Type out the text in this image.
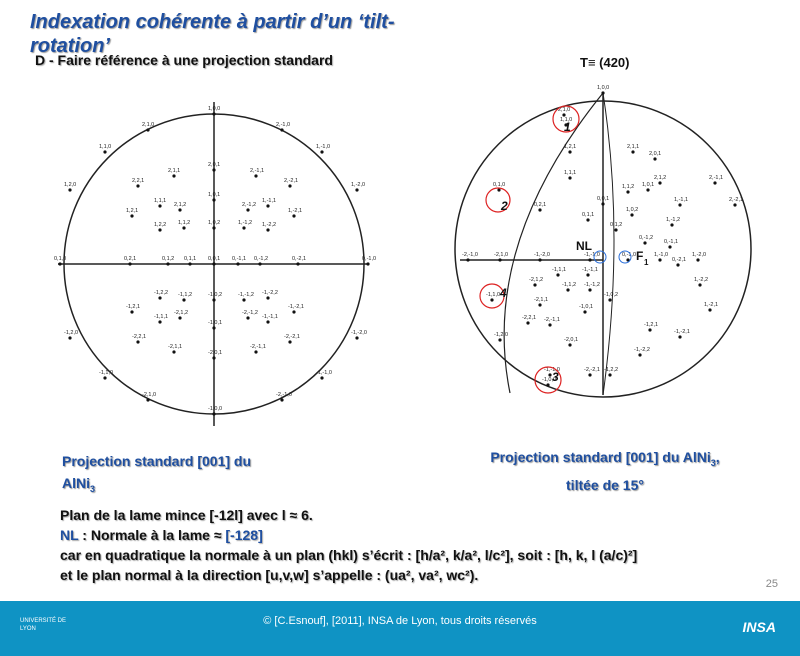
Indexation cohérente à partir d’un ‘tilt-rotation’
D - Faire référence à une projection standard
1,0,0
2,1,0	2,-1,0
1,1,0	1,-1,0
1,2,0	1,-2,0
0,1,0	0,-1,0
0,0,1
-1,2,0	-1,-2,0
-1,1,0	-1,-1,0
-2,1,0	-2,-1,0
-1,0,0
2,0,1
2,1,1	2,-1,1
2,2,1	2,-2,1
1,1,1	1,-1,1
1,2,1	1,-2,1
1,0,1
1,0,2
1,1,2	1,-1,2
1,2,2	1,-2,2
2,1,2	2,-1,2
0,1,1	0,-1,1
0,1,2	0,-1,2
0,2,1	0,-2,1
-1,0,2
-1,0,1
-2,0,1
-1,1,2	-1,-1,2
-1,2,2	-1,-2,2
-1,1,1	-1,-1,1
-1,2,1	-1,-2,1
-2,1,1	-2,-1,1
-2,2,1	-2,-2,1
-2,1,2	-2,-1,2
T≡ (420)
2,1,0
1,1,0
0,1,0
1,0,0
-1,0,0
-1,1,0
-1,2,0
-1,-1,0
2,0,1
2,1,1
1,1,1
1,2,1
1,0,1
0,0,1
0,1,1
0,1,2
1,0,2
1,1,2
2,1,2
0,2,1
2,-1,1
2,-2,1
1,-1,1
1,-1,2
0,-1,2
0,-1,1
-1,0,2
-1,0,1
-2,0,1
-1,1,1	-1,-1,1
-1,1,2 -1,-1,2
-2,1,1
-2,-1,1
-2,1,2
-2,2,1
-2,-2,1 -1,2,2
-1,-2,2
-1,2,1
-1,-2,1
1,-2,1
1,-2,2
0,-2,1
-1,-1,0
-1,-2,0	0,-1,0	1,-1,0	1,-2,0
-2,1,0
-2,-1,0
1
2
3
4
NL
F 1
Projection standard [001] du
AlNi$_3$
Projection standard [001] du AlNi$_3$,
tiltée de 15°
Plan de la lame mince [-12l] avec l ≈ 6.
NL : Normale à la lame ≈ [-128]
car en quadratique la normale à un plan (hkl) s’écrit : [h/a², k/a², l/c²], soit : [h, k, l (a/c)²]
et le plan normal à la direction [u,v,w] s’appelle : (ua², va², wc²).
25
UNIVERSITÉ DE LYON
© [C.Esnouf], [2011], INSA de Lyon, tous droits réservés	INSA
